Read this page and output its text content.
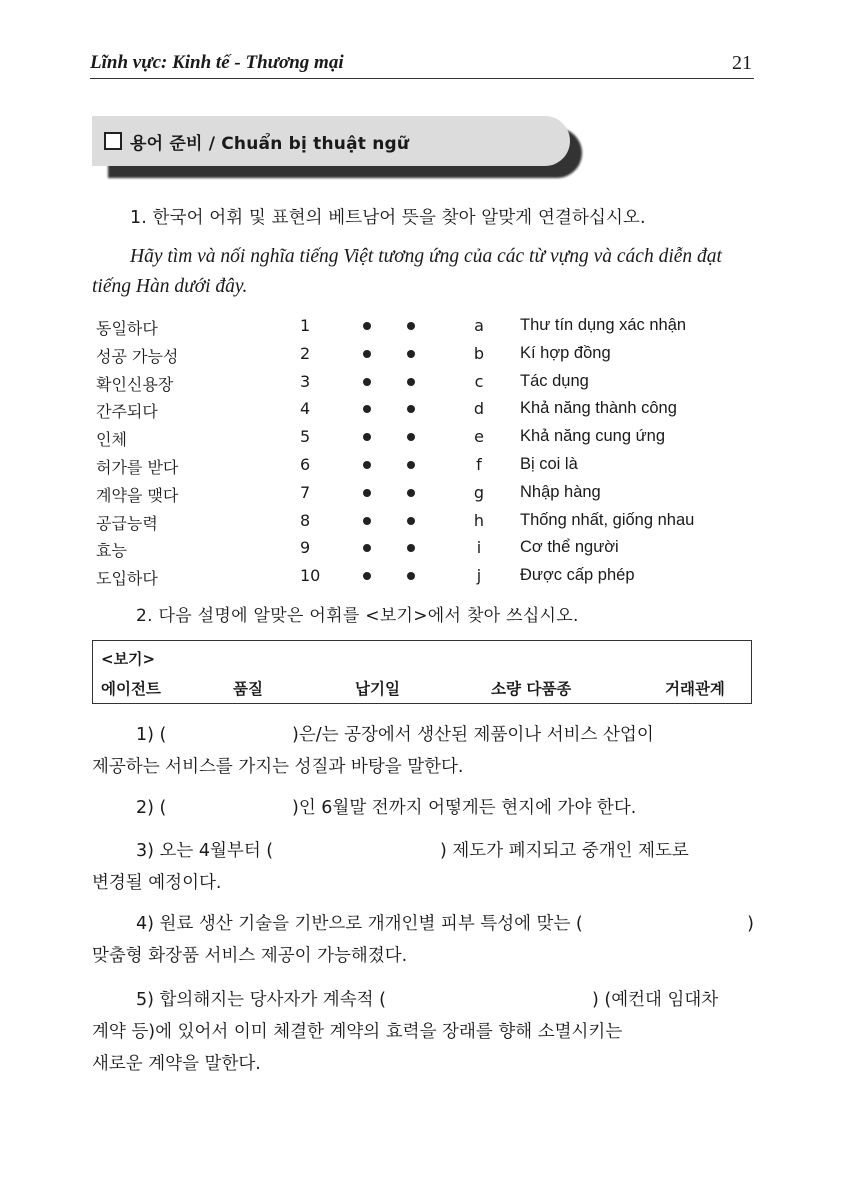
Lĩnh vực: Kinh tế - Thương mại	21
용어 준비 / Chuẩn bị thuật ngữ
1. 한국어 어휘 및 표현의 베트남어 뜻을 찾아 알맞게 연결하십시오.
Hãy tìm và nối nghĩa tiếng Việt tương ứng của các từ vựng và cách diễn đạt tiếng Hàn dưới đây.
동일하다	1	a Thư tín dụng xác nhận
성공 가능성	2	b Kí hợp đồng
확인신용장	3	c Tác dụng
간주되다	4	d Khả năng thành công
인체	5	e Khả năng cung ứng
허가를 받다	6	f Bị coi là
계약을 맺다	7	g Nhập hàng
공급능력	8	h Thống nhất, giống nhau
효능	9	i Cơ thể người
도입하다	10	j Được cấp phép
2. 다음 설명에 알맞은 어휘를 <보기>에서 찾아 쓰십시오.
<보기>
에이전트	품질	납기일	소량 다품종	거래관계
1) (	)은/는 공장에서 생산된 제품이나 서비스 산업이
제공하는 서비스를 가지는 성질과 바탕을 말한다.
2) (	)인 6월말 전까지 어떻게든 현지에 가야 한다.
3) 오는 4월부터 (	) 제도가 폐지되고 중개인 제도로
변경될 예정이다.
4) 원료 생산 기술을 기반으로 개개인별 피부 특성에 맞는 (	)
맞춤형 화장품 서비스 제공이 가능해졌다.
5) 합의해지는 당사자가 계속적 (	) (예컨대 임대차
계약 등)에 있어서 이미 체결한 계약의 효력을 장래를 향해 소멸시키는
새로운 계약을 말한다.
